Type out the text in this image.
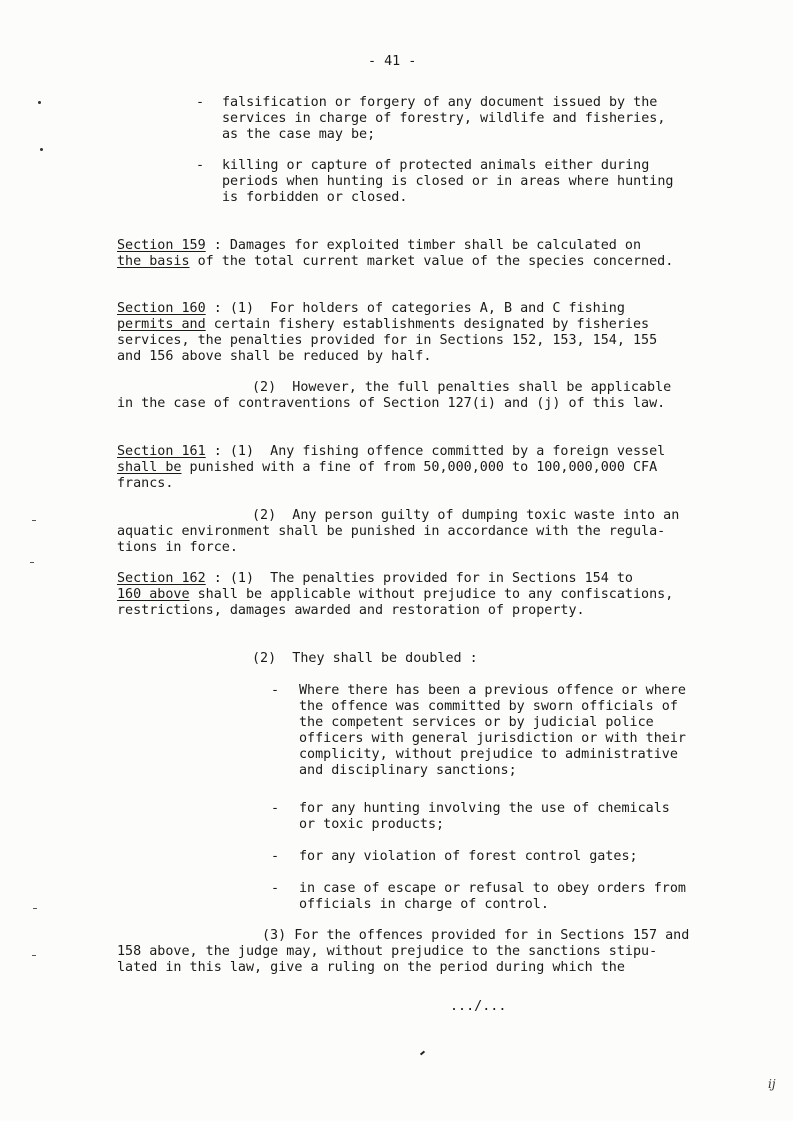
- 41 -
- falsification or forgery of any document issued by the
services in charge of forestry, wildlife and fisheries,
as the case may be;
- killing or capture of protected animals either during
periods when hunting is closed or in areas where hunting
is forbidden or closed.
Section 159 : Damages for exploited timber shall be calculated on
the basis of the total current market value of the species concerned.
Section 160 : (1)  For holders of categories A, B and C fishing
permits and certain fishery establishments designated by fisheries
services, the penalties provided for in Sections 152, 153, 154, 155
and 156 above shall be reduced by half.
(2)  However, the full penalties shall be applicable
in the case of contraventions of Section 127(i) and (j) of this law.
Section 161 : (1)  Any fishing offence committed by a foreign vessel
shall be punished with a fine of from 50,000,000 to 100,000,000 CFA
francs.
(2)  Any person guilty of dumping toxic waste into an
aquatic environment shall be punished in accordance with the regula-
tions in force.
Section 162 : (1)  The penalties provided for in Sections 154 to
160 above shall be applicable without prejudice to any confiscations,
restrictions, damages awarded and restoration of property.
(2)  They shall be doubled :
- Where there has been a previous offence or where
the offence was committed by sworn officials of
the competent services or by judicial police
officers with general jurisdiction or with their
complicity, without prejudice to administrative
and disciplinary sanctions;
- for any hunting involving the use of chemicals
or toxic products;
- for any violation of forest control gates;
- in case of escape or refusal to obey orders from
officials in charge of control.
(3) For the offences provided for in Sections 157 and
158 above, the judge may, without prejudice to the sanctions stipu-
lated in this law, give a ruling on the period during which the
.../...
ij
